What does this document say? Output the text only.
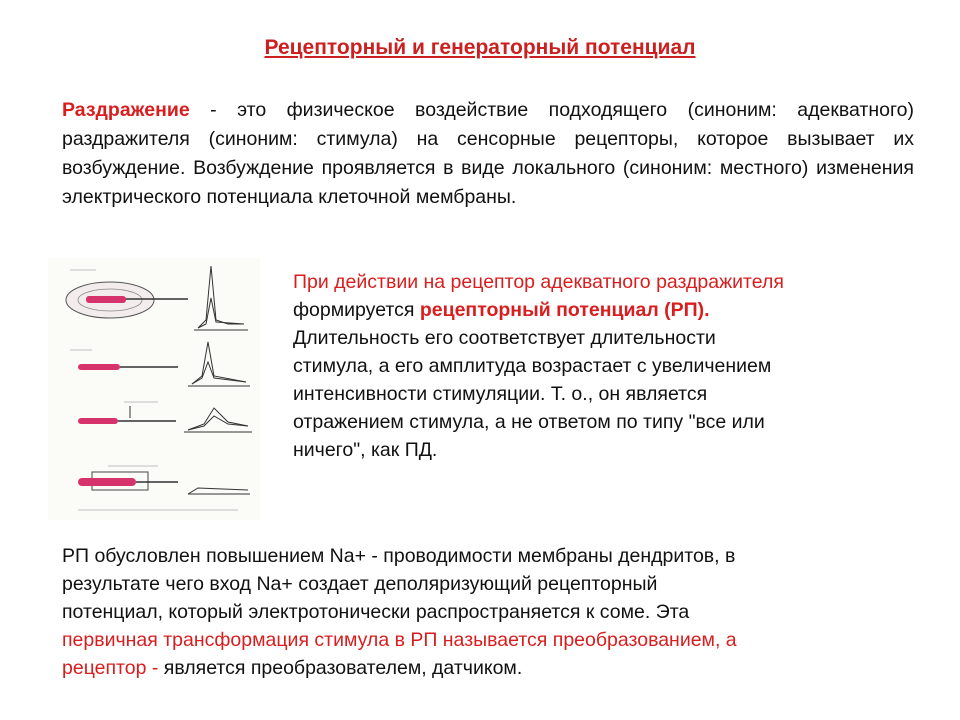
Рецепторный и генераторный потенциал
Раздражение - это физическое воздействие подходящего (синоним: адекватного) раздражителя (синоним: стимула) на сенсорные рецепторы, которое вызывает их возбуждение. Возбуждение проявляется в виде локального (синоним: местного) изменения электрического потенциала клеточной мембраны.
При действии на рецептор адекватного раздражителя
формируется рецепторный потенциал (РП).
Длительность его соответствует длительности
стимула, а его амплитуда возрастает с увеличением
интенсивности стимуляции. Т. о., он является
отражением стимула, а не ответом по типу "все или
ничего", как ПД.
РП обусловлен повышением Na+ - проводимости мембраны дендритов, в
результате чего вход Na+ создает деполяризующий рецепторный
потенциал, который электротонически распространяется к соме. Эта
первичная трансформация стимула в РП называется преобразованием, а
рецептор - является преобразователем, датчиком.
